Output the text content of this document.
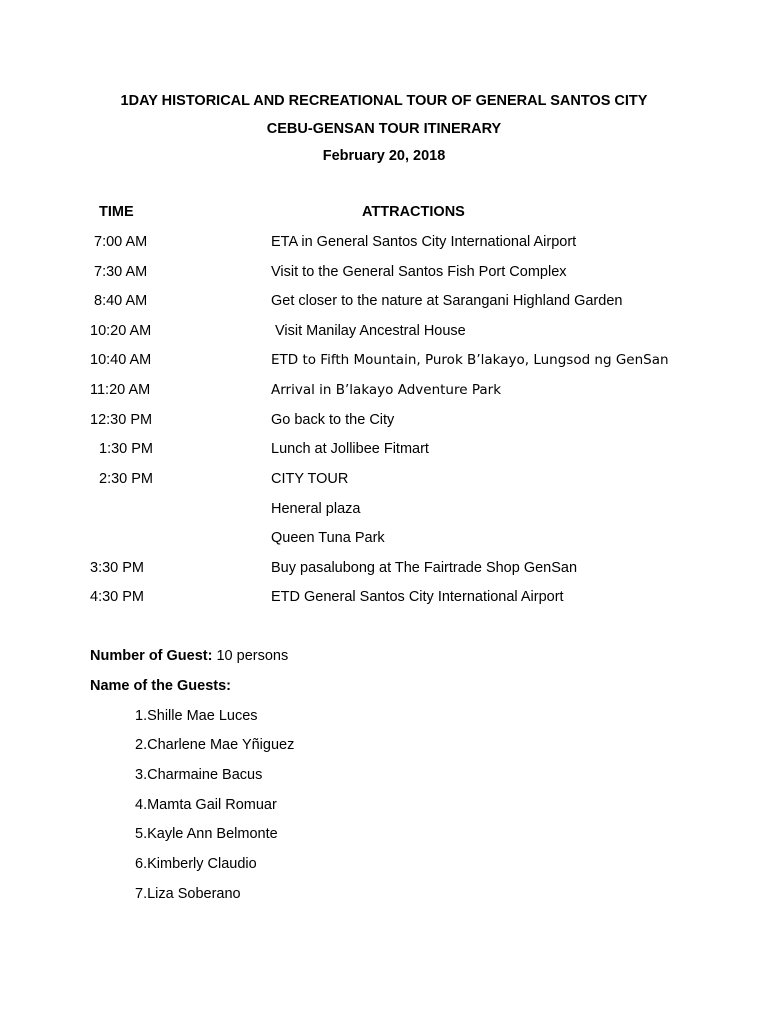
1DAY HISTORICAL AND RECREATIONAL TOUR OF GENERAL SANTOS CITY
CEBU-GENSAN TOUR ITINERARY
February 20, 2018
TIME	ATTRACTIONS
7:00 AM	ETA in General Santos City International Airport
7:30 AM	Visit to the General Santos Fish Port Complex
8:40 AM	Get closer to the nature at Sarangani Highland Garden
10:20 AM	Visit Manilay Ancestral House
10:40 AM	ETD to Fifth Mountain, Purok B’lakayo, Lungsod ng GenSan
11:20 AM	Arrival in B’lakayo Adventure Park
12:30 PM	Go back to the City
1:30 PM	Lunch at Jollibee Fitmart
2:30 PM	CITY TOUR
Heneral plaza
Queen Tuna Park
3:30 PM	Buy pasalubong at The Fairtrade Shop GenSan
4:30 PM	ETD General Santos City International Airport
Number of Guest: 10 persons
Name of the Guests:
1.Shille Mae Luces
2.Charlene Mae Yñiguez
3.Charmaine Bacus
4.Mamta Gail Romuar
5.Kayle Ann Belmonte
6.Kimberly Claudio
7.Liza Soberano
